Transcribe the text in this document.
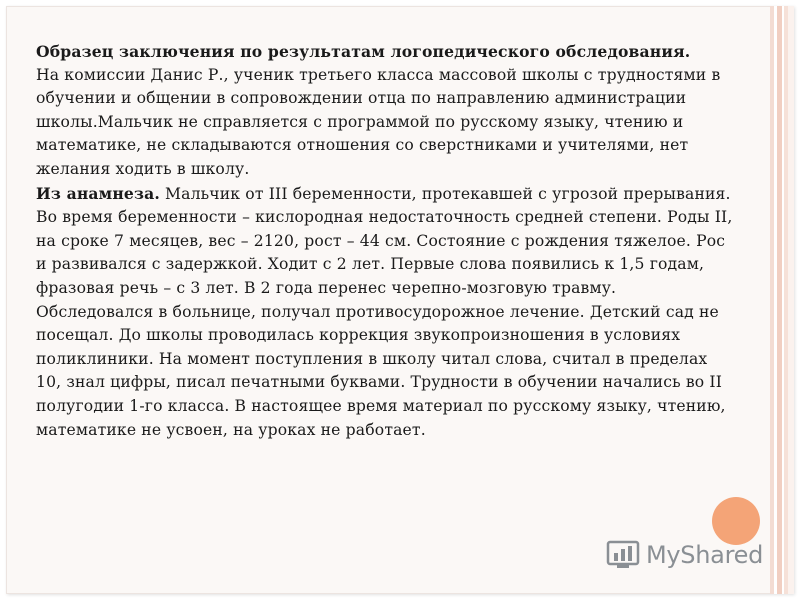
Образец заключения по результатам логопедического обследования.

На комиссии Данис Р., ученик третьего класса массовой школы с трудностями в обучении и общении в сопровождении отца по направлению администрации школы.Мальчик не справляется с программой по русскому языку, чтению и математике, не складываются отношения со сверстниками и учителями, нет желания ходить в школу.

Из анамнеза. Мальчик от III беременности, протекавшей с угрозой прерывания. Во время беременности – кислородная недостаточность средней степени. Роды II, на сроке 7 месяцев, вес – 2120, рост – 44 см. Состояние с рождения тяжелое. Рос и развивался с задержкой. Ходит с 2 лет. Первые слова появились к 1,5 годам, фразовая речь – с 3 лет. В 2 года перенес черепно-мозговую травму. Обследовался в больнице, получал противосудорожное лечение. Детский сад не посещал. До школы проводилась коррекция звукопроизношения в условиях поликлиники. На момент поступления в школу читал слова, считал в пределах 10, знал цифры, писал печатными буквами. Трудности в обучении начались во II полугодии 1-го класса. В настоящее время материал по русскому языку, чтению, математике не усвоен, на уроках не работает.

MyShared
